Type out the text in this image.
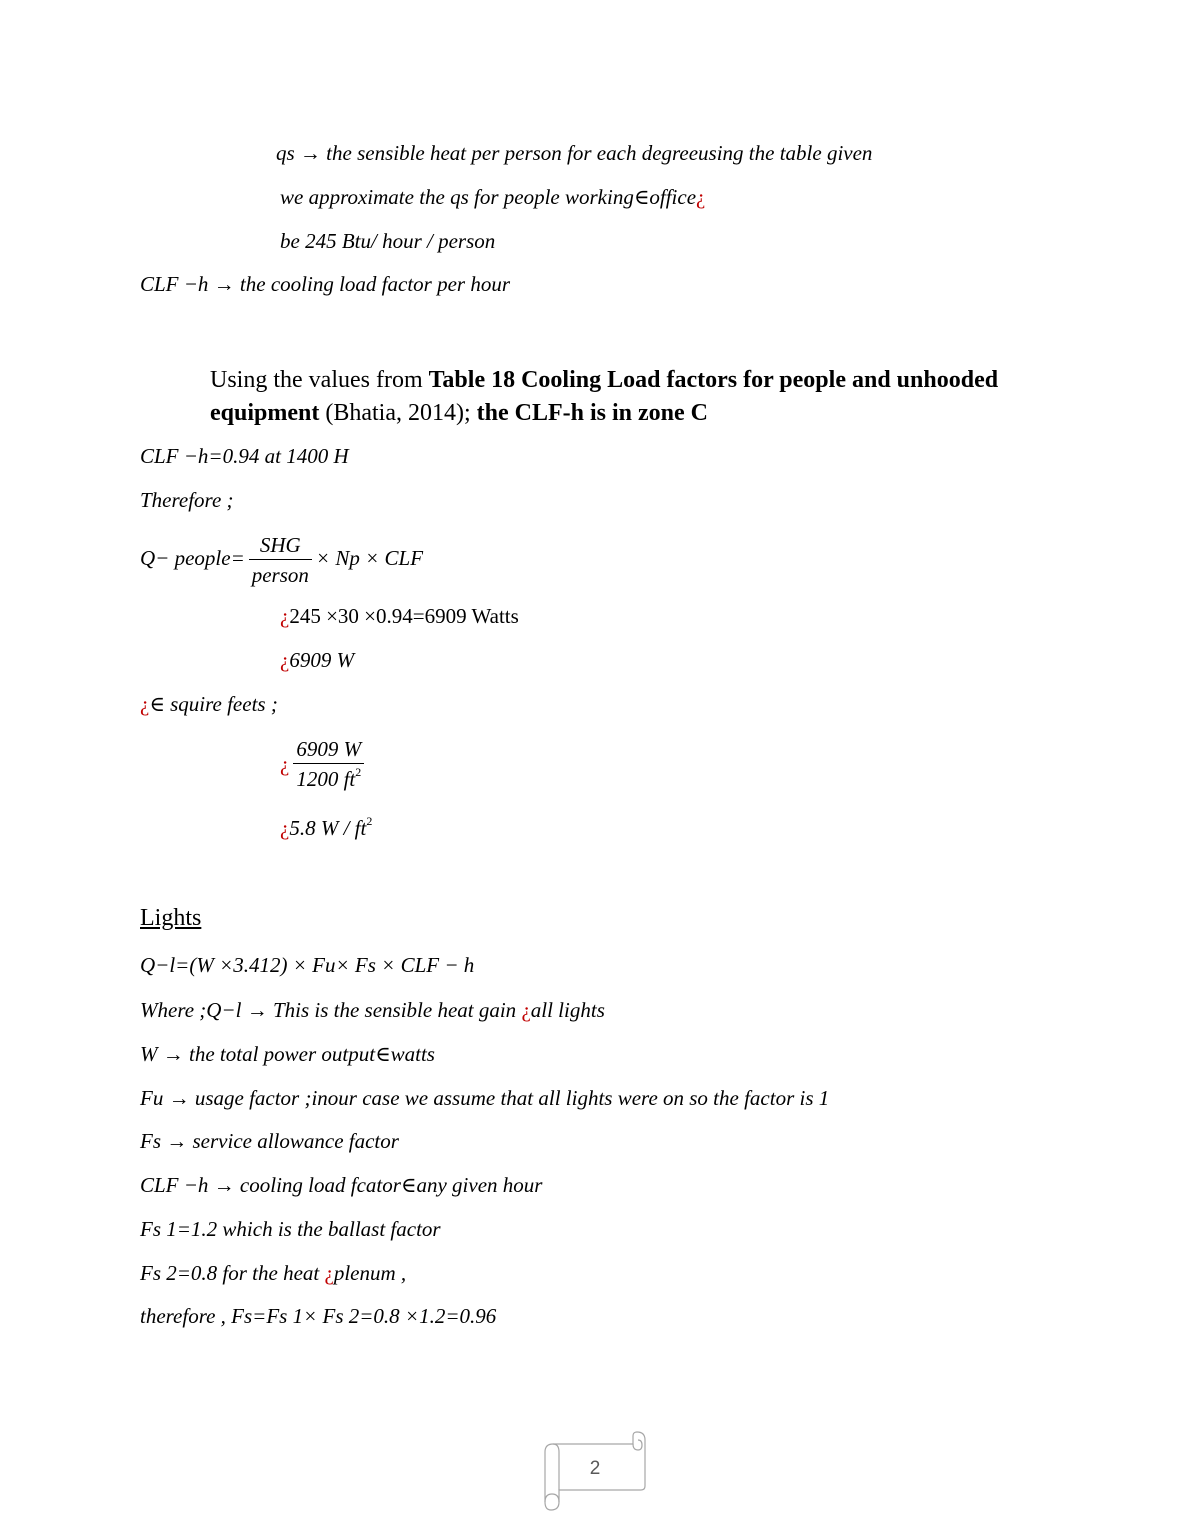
qs → the sensible heat per person for each degreeusing the table given
we approximate the qs for people working∈office¿
be 245 Btu/ hour / person
CLF −h → the cooling load factor per hour
Using the values from Table 18 Cooling Load factors for people and unhooded equipment (Bhatia, 2014); the CLF-h is in zone C
CLF −h=0.94 at 1400 H
Therefore ;
Q− people= $\frac{\text{SHG}}{\text{person}} \times Np$ × CLF
¿245 ×30 ×0.94=6909 Watts
¿6909 W
¿∈ squire feets ;
¿ $\frac{6909 W}{1200 ft^2}$
¿5.8 W / $ft^2$
Lights
Q−l=(W ×3.412) × Fu× Fs × CLF − h
Where ;Q−l → This is the sensible heat gain ¿all lights
W → the total power output∈watts
Fu → usage factor ;inour case we assume that all lights were on so the factor is 1
Fs → service allowance factor
CLF −h → cooling load fcator∈any given hour
Fs 1=1.2 which is the ballast factor
Fs 2=0.8 for the heat ¿plenum ,
therefore , Fs=Fs 1× Fs 2=0.8 ×1.2=0.96
2
